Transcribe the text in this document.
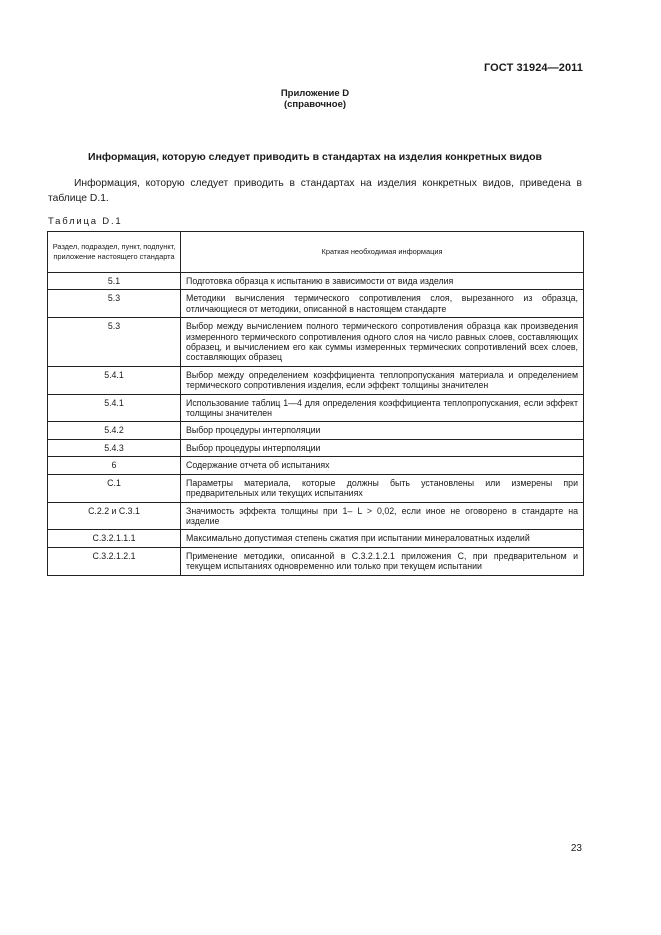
ГОСТ 31924—2011
Приложение D
(справочное)
Информация, которую следует приводить в стандартах на изделия конкретных видов
Информация, которую следует приводить в стандартах на изделия конкретных видов, приведена в таблице D.1.
Таблица D.1
Раздел, подраздел, пункт, подпункт, приложение настоящего стандарта	Краткая необходимая информация
5.1	Подготовка образца к испытанию в зависимости от вида изделия
5.3	Методики вычисления термического сопротивления слоя, вырезанного из образца, отличающиеся от методики, описанной в настоящем стандарте
5.3	Выбор между вычислением полного термического сопротивления образца как произведения измеренного термического сопротивления одного слоя на число равных слоев, составляющих образец, и вычислением его как суммы измеренных термических сопротивлений всех слоев, составляющих образец
5.4.1	Выбор между определением коэффициента теплопропускания материала и определением термического сопротивления изделия, если эффект толщины значителен
5.4.1	Использование таблиц 1—4 для определения коэффициента теплопропускания, если эффект толщины значителен
5.4.2	Выбор процедуры интерполяции
5.4.3	Выбор процедуры интерполяции
6	Содержание отчета об испытаниях
С.1	Параметры материала, которые должны быть установлены или измерены при предварительных или текущих испытаниях
С.2.2 и С.3.1	Значимость эффекта толщины при 1– L > 0,02, если иное не оговорено в стандарте на изделие
С.3.2.1.1.1	Максимально допустимая степень сжатия при испытании минераловатных изделий
С.3.2.1.2.1	Применение методики, описанной в С.3.2.1.2.1 приложения С, при предварительном и текущем испытаниях одновременно или только при текущем испытании
23
